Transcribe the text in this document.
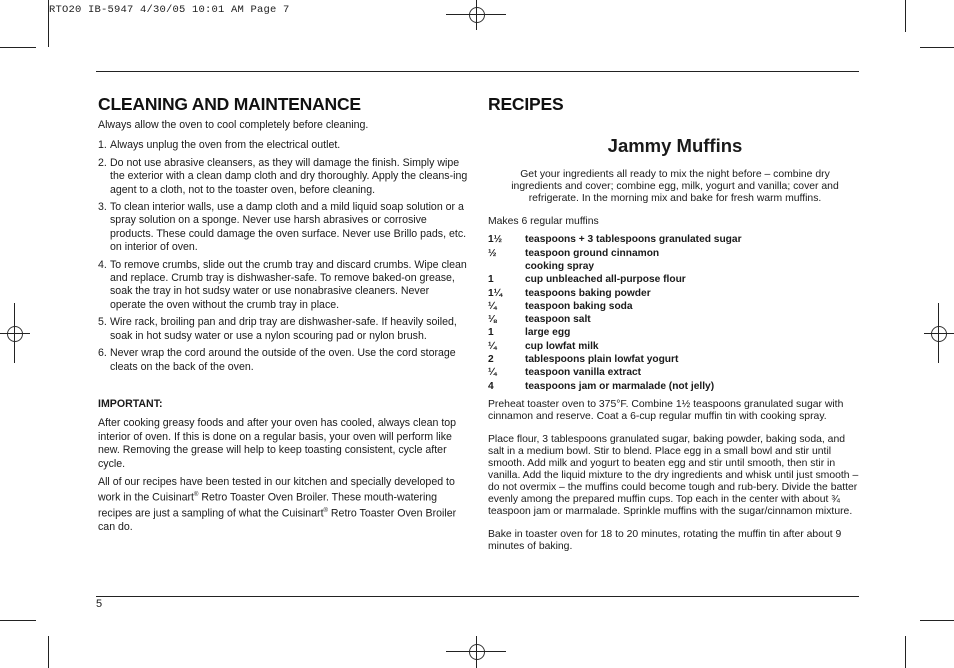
RTO20 IB-5947 4/30/05 10:01 AM Page 7
CLEANING AND MAINTENANCE

Always allow the oven to cool completely before cleaning.

1. Always unplug the oven from the electrical outlet.
2. Do not use abrasive cleansers, as they will damage the finish. Simply wipe the exterior with a clean damp cloth and dry thoroughly. Apply the cleans-ing agent to a cloth, not to the toaster oven, before cleaning.
3. To clean interior walls, use a damp cloth and a mild liquid soap solution or a spray solution on a sponge. Never use harsh abrasives or corrosive products. These could damage the oven surface. Never use Brillo pads, etc. on interior of oven.
4. To remove crumbs, slide out the crumb tray and discard crumbs. Wipe clean and replace. Crumb tray is dishwasher-safe. To remove baked-on grease, soak the tray in hot sudsy water or use nonabrasive cleaners. Never operate the oven without the crumb tray in place.
5. Wire rack, broiling pan and drip tray are dishwasher-safe. If heavily soiled, soak in hot sudsy water or use a nylon scouring pad or nylon brush.
6. Never wrap the cord around the outside of the oven. Use the cord storage cleats on the back of the oven.

IMPORTANT:

After cooking greasy foods and after your oven has cooled, always clean top interior of oven. If this is done on a regular basis, your oven will perform like new. Removing the grease will help to keep toasting consistent, cycle after cycle.

All of our recipes have been tested in our kitchen and specially developed to work in the Cuisinart® Retro Toaster Oven Broiler. These mouth-watering recipes are just a sampling of what the Cuisinart® Retro Toaster Oven Broiler can do.

RECIPES

Jammy Muffins

Get your ingredients all ready to mix the night before – combine dry ingredients and cover; combine egg, milk, yogurt and vanilla; cover and refrigerate. In the morning mix and bake for fresh warm muffins.

Makes 6 regular muffins

1½	teaspoons + 3 tablespoons granulated sugar
½	teaspoon ground cinnamon
	cooking spray
1	cup unbleached all-purpose flour
1¼	teaspoons baking powder
¼	teaspoon baking soda
⅛	teaspoon salt
1	large egg
¼	cup lowfat milk
2	tablespoons plain lowfat yogurt
¼	teaspoon vanilla extract
4	teaspoons jam or marmalade (not jelly)

Preheat toaster oven to 375°F. Combine 1½ teaspoons granulated sugar with cinnamon and reserve. Coat a 6-cup regular muffin tin with cooking spray.

Place flour, 3 tablespoons granulated sugar, baking powder, baking soda, and salt in a medium bowl. Stir to blend. Place egg in a small bowl and stir until smooth. Add milk and yogurt to beaten egg and stir until smooth, then stir in vanilla. Add the liquid mixture to the dry ingredients and whisk until just smooth – do not overmix – the muffins could become tough and rub-bery. Divide the batter evenly among the prepared muffin cups. Top each in the center with about ¾ teaspoon jam or marmalade. Sprinkle muffins with the sugar/cinnamon mixture.

Bake in toaster oven for 18 to 20 minutes, rotating the muffin tin after about 9 minutes of baking.

5
